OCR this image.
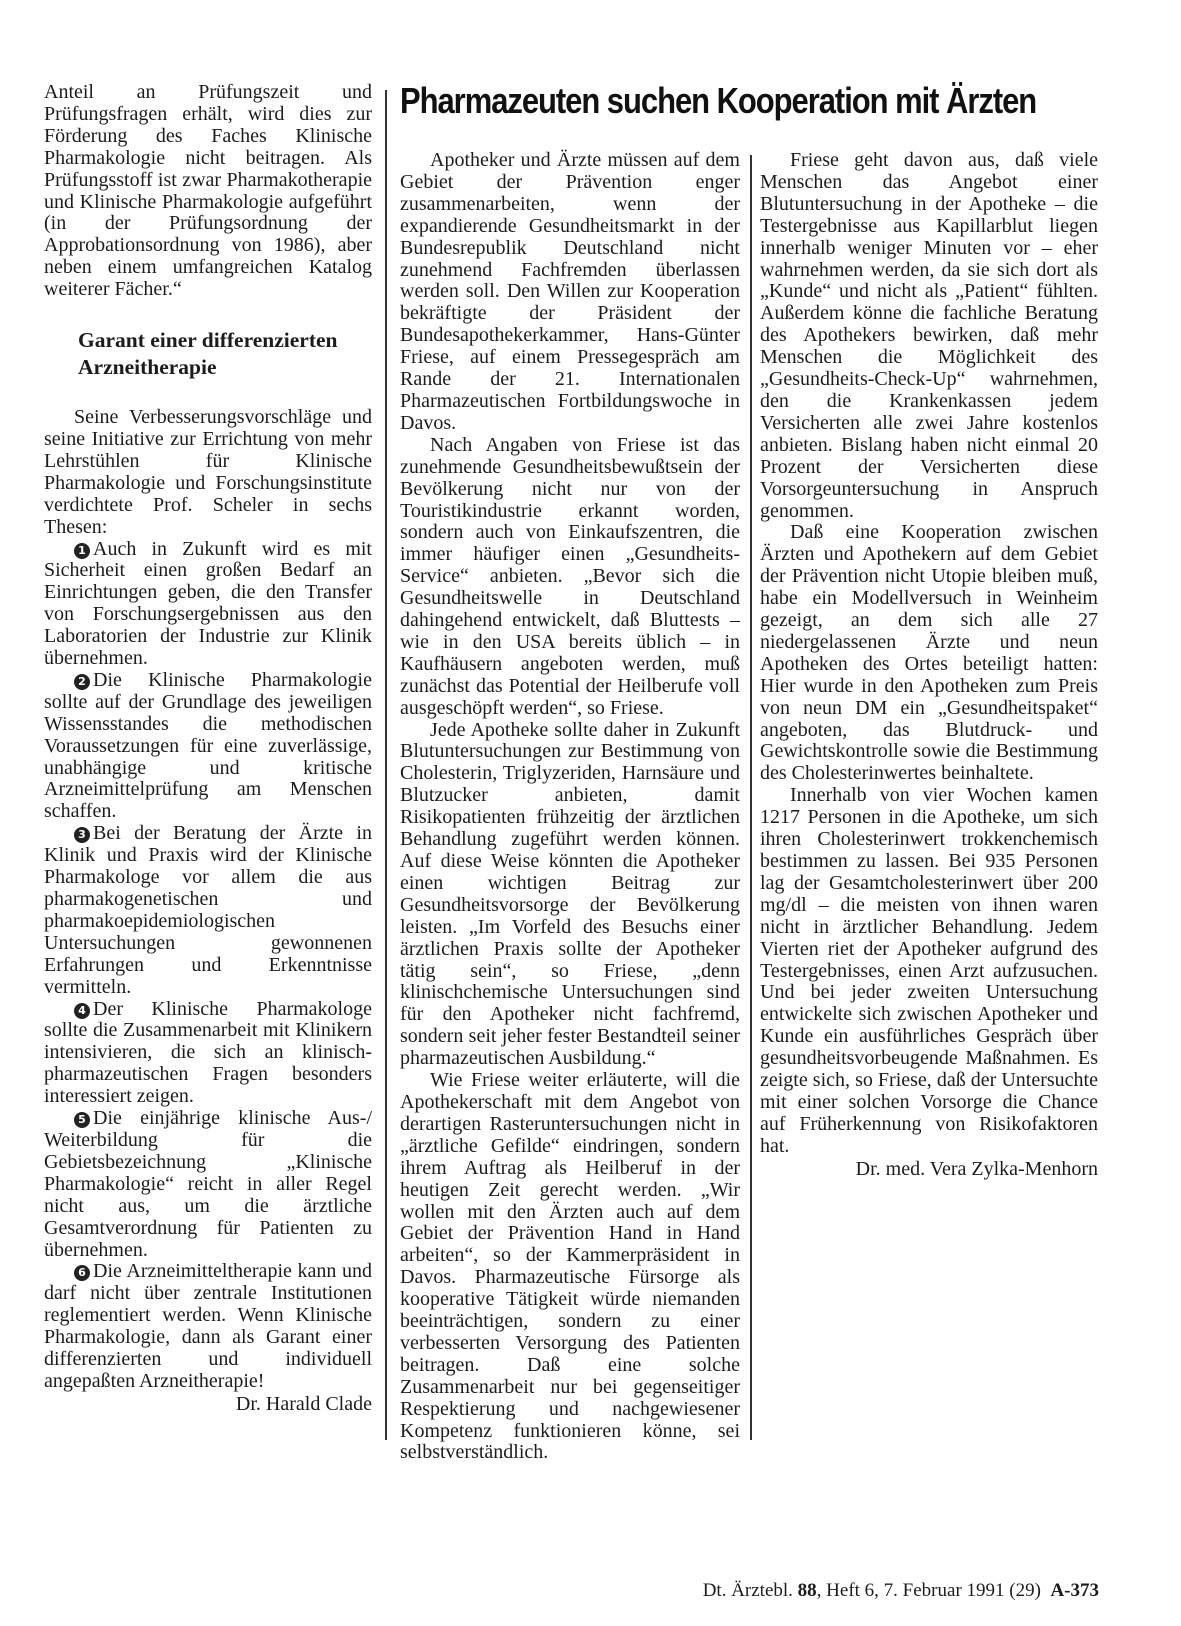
Pharmazeuten suchen Kooperation mit Ärzten

Anteil an Prüfungszeit und Prüfungsfragen erhält, wird dies zur Förderung des Faches Klinische Pharmakologie nicht beitragen. Als Prüfungsstoff ist zwar Pharmakotherapie und Klinische Pharmakologie aufgeführt (in der Prüfungsordnung der Approbationsordnung von 1986), aber neben einem umfangreichen Katalog weiterer Fächer.“

Garant einer differenzierten Arzneitherapie

Seine Verbesserungsvorschläge und seine Initiative zur Errichtung von mehr Lehrstühlen für Klinische Pharmakologie und Forschungsinstitute verdichtete Prof. Scheler in sechs Thesen:

1 Auch in Zukunft wird es mit Sicherheit einen großen Bedarf an Einrichtungen geben, die den Transfer von Forschungsergebnissen aus den Laboratorien der Industrie zur Klinik übernehmen.

2 Die Klinische Pharmakologie sollte auf der Grundlage des jeweiligen Wissensstandes die methodischen Voraussetzungen für eine zuverlässige, unabhängige und kritische Arzneimittelprüfung am Menschen schaffen.

3 Bei der Beratung der Ärzte in Klinik und Praxis wird der Klinische Pharmakologe vor allem die aus pharmakogenetischen und pharmakoepidemiologischen Untersuchungen gewonnenen Erfahrungen und Erkenntnisse vermitteln.

4 Der Klinische Pharmakologe sollte die Zusammenarbeit mit Klinikern intensivieren, die sich an klinisch-pharmazeutischen Fragen besonders interessiert zeigen.

5 Die einjährige klinische Aus-/ Weiterbildung für die Gebietsbezeichnung „Klinische Pharmakologie“ reicht in aller Regel nicht aus, um die ärztliche Gesamtverordnung für Patienten zu übernehmen.

6 Die Arzneimitteltherapie kann und darf nicht über zentrale Institutionen reglementiert werden. Wenn Klinische Pharmakologie, dann als Garant einer differenzierten und individuell angepaßten Arzneitherapie!

Dr. Harald Clade

Apotheker und Ärzte müssen auf dem Gebiet der Prävention enger zusammenarbeiten, wenn der expandierende Gesundheitsmarkt in der Bundesrepublik Deutschland nicht zunehmend Fachfremden überlassen werden soll. Den Willen zur Kooperation bekräftigte der Präsident der Bundesapothekerkammer, Hans-Günter Friese, auf einem Pressegespräch am Rande der 21. Internationalen Pharmazeutischen Fortbildungswoche in Davos.

Nach Angaben von Friese ist das zunehmende Gesundheitsbewußtsein der Bevölkerung nicht nur von der Touristikindustrie erkannt worden, sondern auch von Einkaufszentren, die immer häufiger einen „Gesundheits-Service“ anbieten. „Bevor sich die Gesundheitswelle in Deutschland dahingehend entwickelt, daß Bluttests – wie in den USA bereits üblich – in Kaufhäusern angeboten werden, muß zunächst das Potential der Heilberufe voll ausgeschöpft werden“, so Friese.

Jede Apotheke sollte daher in Zukunft Blutuntersuchungen zur Bestimmung von Cholesterin, Triglyzeriden, Harnsäure und Blutzucker anbieten, damit Risikopatienten frühzeitig der ärztlichen Behandlung zugeführt werden können. Auf diese Weise könnten die Apotheker einen wichtigen Beitrag zur Gesundheitsvorsorge der Bevölkerung leisten. „Im Vorfeld des Besuchs einer ärztlichen Praxis sollte der Apotheker tätig sein“, so Friese, „denn klinischchemische Untersuchungen sind für den Apotheker nicht fachfremd, sondern seit jeher fester Bestandteil seiner pharmazeutischen Ausbildung.“

Wie Friese weiter erläuterte, will die Apothekerschaft mit dem Angebot von derartigen Rasteruntersuchungen nicht in „ärztliche Gefilde“ eindringen, sondern ihrem Auftrag als Heilberuf in der heutigen Zeit gerecht werden. „Wir wollen mit den Ärzten auch auf dem Gebiet der Prävention Hand in Hand arbeiten“, so der Kammerpräsident in Davos. Pharmazeutische Fürsorge als kooperative Tätigkeit würde niemanden beeinträchtigen, sondern zu einer verbesserten Versorgung des Patienten beitragen. Daß eine solche Zusammenarbeit nur bei gegenseitiger Respektierung und nachgewiesener Kompetenz funktionieren könne, sei selbstverständlich.

Friese geht davon aus, daß viele Menschen das Angebot einer Blutuntersuchung in der Apotheke – die Testergebnisse aus Kapillarblut liegen innerhalb weniger Minuten vor – eher wahrnehmen werden, da sie sich dort als „Kunde“ und nicht als „Patient“ fühlten. Außerdem könne die fachliche Beratung des Apothekers bewirken, daß mehr Menschen die Möglichkeit des „Gesundheits-Check-Up“ wahrnehmen, den die Krankenkassen jedem Versicherten alle zwei Jahre kostenlos anbieten. Bislang haben nicht einmal 20 Prozent der Versicherten diese Vorsorgeuntersuchung in Anspruch genommen.

Daß eine Kooperation zwischen Ärzten und Apothekern auf dem Gebiet der Prävention nicht Utopie bleiben muß, habe ein Modellversuch in Weinheim gezeigt, an dem sich alle 27 niedergelassenen Ärzte und neun Apotheken des Ortes beteiligt hatten: Hier wurde in den Apotheken zum Preis von neun DM ein „Gesundheitspaket“ angeboten, das Blutdruck- und Gewichtskontrolle sowie die Bestimmung des Cholesterinwertes beinhaltete.

Innerhalb von vier Wochen kamen 1217 Personen in die Apotheke, um sich ihren Cholesterinwert trokkenchemisch bestimmen zu lassen. Bei 935 Personen lag der Gesamtcholesterinwert über 200 mg/dl – die meisten von ihnen waren nicht in ärztlicher Behandlung. Jedem Vierten riet der Apotheker aufgrund des Testergebnisses, einen Arzt aufzusuchen. Und bei jeder zweiten Untersuchung entwickelte sich zwischen Apotheker und Kunde ein ausführliches Gespräch über gesundheitsvorbeugende Maßnahmen. Es zeigte sich, so Friese, daß der Untersuchte mit einer solchen Vorsorge die Chance auf Früherkennung von Risikofaktoren hat.

Dr. med. Vera Zylka-Menhorn

Dt. Ärztebl. 88, Heft 6, 7. Februar 1991 (29) A-373
